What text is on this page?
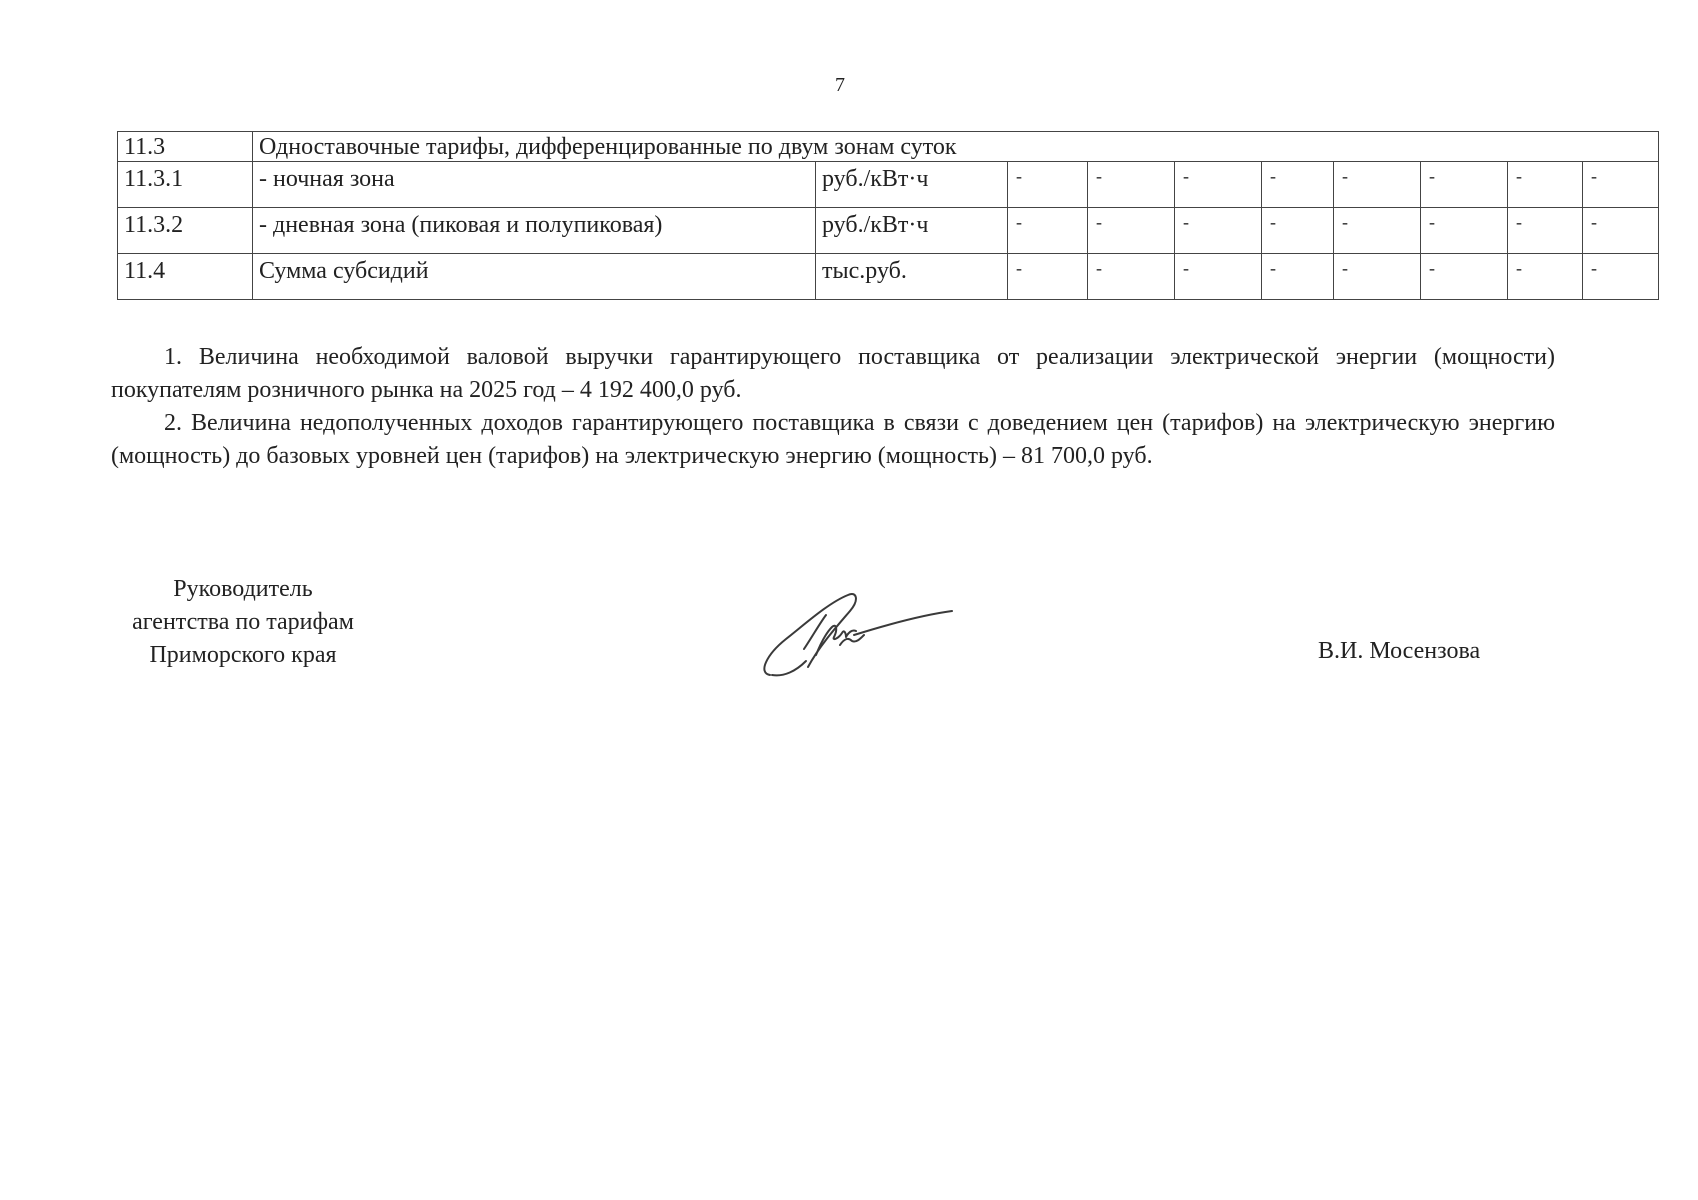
7
11.3	Одноставочные тарифы, дифференцированные по двум зонам суток									
11.3.1	- ночная зона	руб./кВт·ч	-	-	-	-	-	-	-	-
11.3.2	- дневная зона (пиковая и полупиковая)	руб./кВт·ч	-	-	-	-	-	-	-	-
11.4	Сумма субсидий	тыс.руб.	-	-	-	-	-	-	-	-

1. Величина необходимой валовой выручки гарантирующего поставщика от реализации электрической энергии (мощности) покупателям розничного рынка на 2025 год – 4 192 400,0 руб.

2. Величина недополученных доходов гарантирующего поставщика в связи с доведением цен (тарифов) на электрическую энергию (мощность) до базовых уровней цен (тарифов) на электрическую энергию (мощность) – 81 700,0 руб.

Руководитель
агентства по тарифам
Приморского края	В.И. Мосензова
